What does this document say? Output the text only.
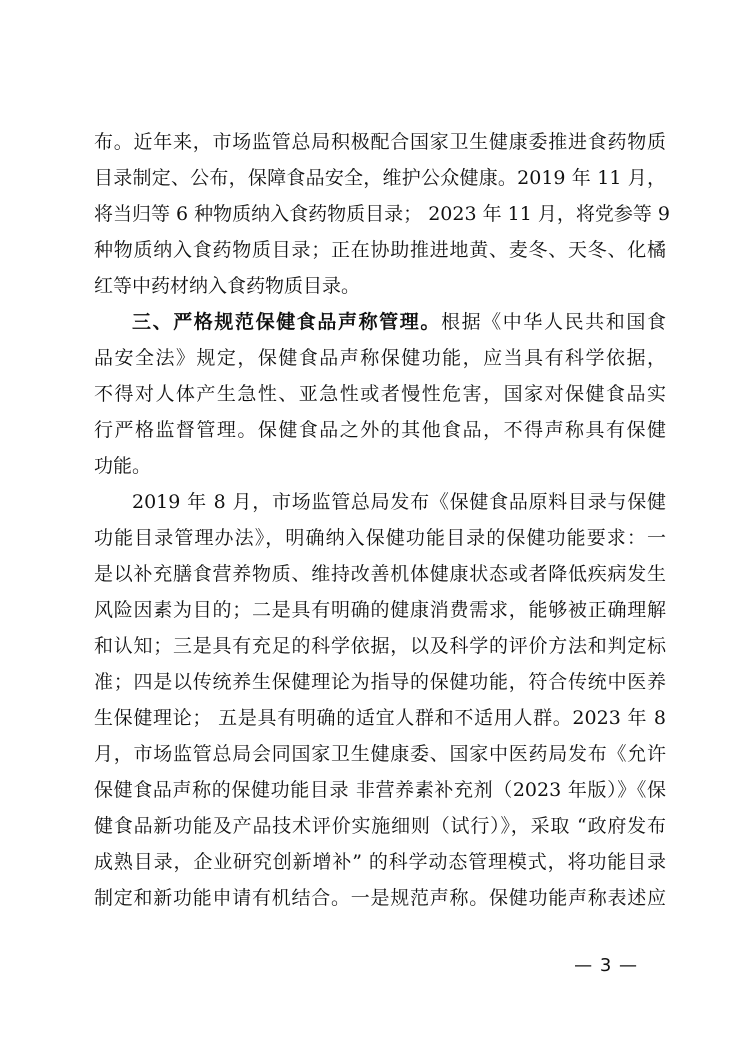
布。近年来，市场监管总局积极配合国家卫生健康委推进食药物质
目录制定、公布，保障食品安全，维护公众健康。2019 年 11 月，
将当归等 6 种物质纳入食药物质目录； 2023 年 11 月，将党参等 9
种物质纳入食药物质目录；正在协助推进地黄、麦冬、天冬、化橘
红等中药材纳入食药物质目录。
三、严格规范保健食品声称管理。根据《中华人民共和国食
品安全法》规定，保健食品声称保健功能，应当具有科学依据，
不得对人体产生急性、亚急性或者慢性危害，国家对保健食品实
行严格监督管理。保健食品之外的其他食品，不得声称具有保健
功能。
2019 年 8 月，市场监管总局发布《保健食品原料目录与保健
功能目录管理办法》，明确纳入保健功能目录的保健功能要求：一
是以补充膳食营养物质、维持改善机体健康状态或者降低疾病发生
风险因素为目的；二是具有明确的健康消费需求，能够被正确理解
和认知；三是具有充足的科学依据，以及科学的评价方法和判定标
准；四是以传统养生保健理论为指导的保健功能，符合传统中医养
生保健理论； 五是具有明确的适宜人群和不适用人群。2023 年 8
月，市场监管总局会同国家卫生健康委、国家中医药局发布《允许
保健食品声称的保健功能目录 非营养素补充剂（2023 年版）》《保
健食品新功能及产品技术评价实施细则（试行）》，采取 “政府发布
成熟目录，企业研究创新增补” 的科学动态管理模式，将功能目录
制定和新功能申请有机结合。一是规范声称。保健功能声称表述应
— 3 —
